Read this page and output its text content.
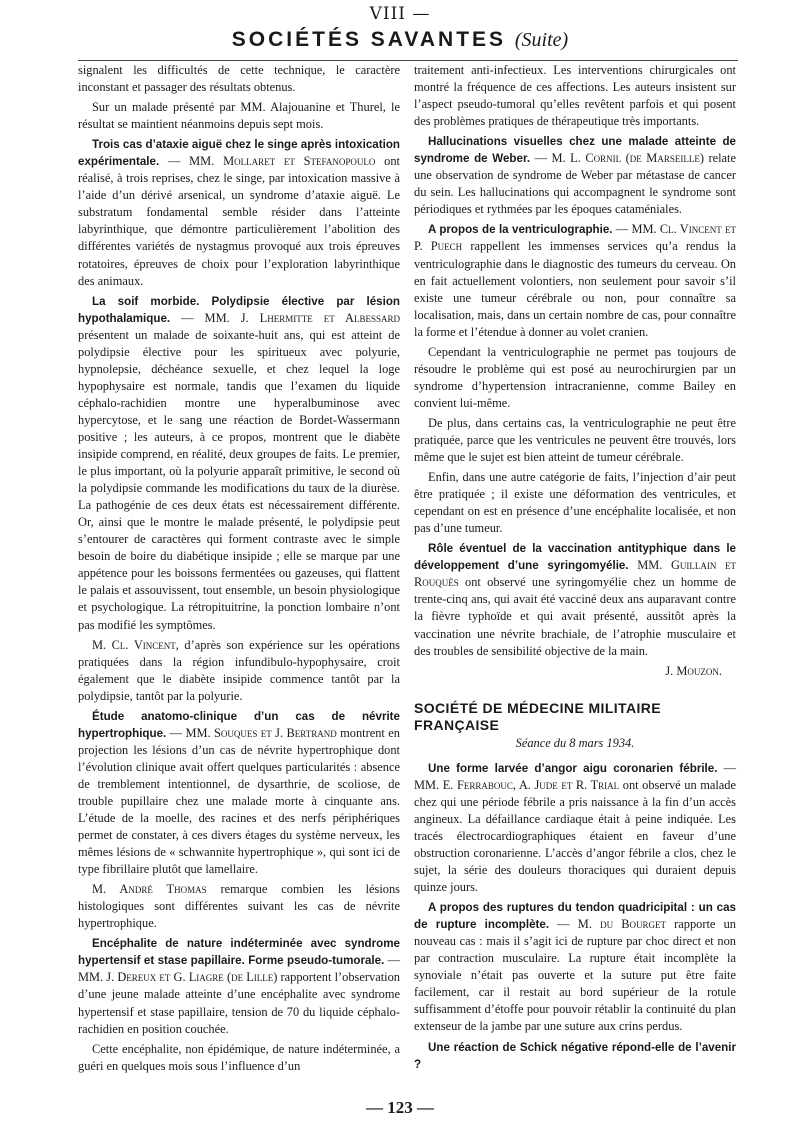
VIII —
SOCIÉTÉS SAVANTES (Suite)

signalent les difficultés de cette technique, le caractère inconstant et passager des résultats obtenus.

Sur un malade présenté par MM. Alajouanine et Thurel, le résultat se maintient néanmoins depuis sept mois.

Trois cas d’ataxie aiguë chez le singe après intoxication expérimentale. — MM. Mollaret et Stefanopoulo ont réalisé, à trois reprises, chez le singe, par intoxication massive à l’aide d’un dérivé arsenical, un syndrome d’ataxie aiguë. Le substratum fondamental semble résider dans l’atteinte labyrinthique, que démontre particulièrement l’abolition des différentes variétés de nystagmus provoqué aux trois épreuves rotatoires, épreuves de choix pour l’exploration labyrinthique des animaux.

La soif morbide. Polydipsie élective par lésion hypothalamique. — MM. J. Lhermitte et Albessard présentent un malade de soixante-huit ans, qui est atteint de polydipsie élective pour les spiritueux avec polyurie, hypnolepsie, déchéance sexuelle, et chez lequel la loge hypophysaire est normale, tandis que l’examen du liquide céphalo-rachidien montre une hyperalbuminose avec hypercytose, et le sang une réaction de Bordet-Wassermann positive ; les auteurs, à ce propos, montrent que le diabète insipide comprend, en réalité, deux groupes de faits. Le premier, le plus important, où la polyurie apparaît primitive, le second où la polydipsie commande les modifications du taux de la diurèse. La pathogénie de ces deux états est nécessairement différente. Or, ainsi que le montre le malade présenté, le polydipsie peut s’entourer de caractères qui forment contraste avec le simple besoin de boire du diabétique insipide ; elle se marque par une appétence pour les boissons fermentées ou gazeuses, qui flattent le palais et assouvissent, tout ensemble, un besoin physiologique et psychologique. La rétropituitrine, la ponction lombaire n’ont pas modifié les symptômes.

M. Cl. Vincent, d’après son expérience sur les opérations pratiquées dans la région infundibulo-hypophysaire, croit également que le diabète insipide commence tantôt par la polydipsie, tantôt par la polyurie.

Étude anatomo-clinique d’un cas de névrite hypertrophique. — MM. Souques et J. Bertrand montrent en projection les lésions d’un cas de névrite hypertrophique dont l’évolution clinique avait offert quelques particularités : absence de tremblement intentionnel, de dysarthrie, de scoliose, de trouble pupillaire chez une malade morte à cinquante ans. L’étude de la moelle, des racines et des nerfs périphériques permet de constater, à ces divers étages du système nerveux, les mêmes lésions de « schwannite hypertrophique », qui sont ici de type fibrillaire plutôt que lamellaire.

M. André Thomas remarque combien les lésions histologiques sont différentes suivant les cas de névrite hypertrophique.

Encéphalite de nature indéterminée avec syndrome hypertensif et stase papillaire. Forme pseudo-tumorale. — MM. J. Dereux et G. Liagre (de Lille) rapportent l’observation d’une jeune malade atteinte d’une encéphalite avec syndrome hypertensif et stase papillaire, tension de 70 du liquide céphalo-rachidien en position couchée.

Cette encéphalite, non épidémique, de nature indéterminée, a guéri en quelques mois sous l’influence d’un

traitement anti-infectieux. Les interventions chirurgicales ont montré la fréquence de ces affections. Les auteurs insistent sur l’aspect pseudo-tumoral qu’elles revêtent parfois et qui posent des problèmes pratiques de thérapeutique très importants.

Hallucinations visuelles chez une malade atteinte de syndrome de Weber. — M. L. Cornil (de Marseille) relate une observation de syndrome de Weber par métastase de cancer du sein. Les hallucinations qui accompagnent le syndrome sont périodiques et rythmées par les époques cataméniales.

A propos de la ventriculographie. — MM. Cl. Vincent et P. Puech rappellent les immenses services qu’a rendus la ventriculographie dans le diagnostic des tumeurs du cerveau. On en fait actuellement volontiers, non seulement pour savoir s’il existe une tumeur cérébrale ou non, pour connaître sa localisation, mais, dans un certain nombre de cas, pour connaître la forme et l’étendue à donner au volet cranien.

Cependant la ventriculographie ne permet pas toujours de résoudre le problème qui est posé au neurochirurgien par un syndrome d’hypertension intracranienne, comme Bailey en convient lui-même.

De plus, dans certains cas, la ventriculographie ne peut être pratiquée, parce que les ventricules ne peuvent être trouvés, lors même que le sujet est bien atteint de tumeur cérébrale.

Enfin, dans une autre catégorie de faits, l’injection d’air peut être pratiquée ; il existe une déformation des ventricules, et cependant on est en présence d’une encéphalite localisée, et non pas d’une tumeur.

Rôle éventuel de la vaccination antityphique dans le développement d’une syringomyélie. MM. Guillain et Rouquès ont observé une syringomyélie chez un homme de trente-cinq ans, qui avait été vacciné deux ans auparavant contre la fièvre typhoïde et qui avait présenté, aussitôt après la vaccination une névrite brachiale, de l’atrophie musculaire et des troubles de sensibilité objective de la main.

J. Mouzon.
SOCIÉTÉ DE MÉDECINE MILITAIRE FRANÇAISE
Séance du 8 mars 1934.

Une forme larvée d’angor aigu coronarien fébrile. — MM. E. Ferrabouc, A. Jude et R. Trial ont observé un malade chez qui une période fébrile a pris naissance à la fin d’un accès angineux. La défaillance cardiaque était à peine indiquée. Les tracés électrocardiographiques étaient en faveur d’une obstruction coronarienne. L’accès d’angor fébrile a clos, chez le sujet, la série des douleurs thoraciques qui duraient depuis quinze jours.

A propos des ruptures du tendon quadricipital : un cas de rupture incomplète. — M. du Bourget rapporte un nouveau cas : mais il s’agit ici de rupture par choc direct et non par contraction musculaire. La rupture était incomplète la synoviale n’était pas ouverte et la suture put être faite facilement, car il restait au bord supérieur de la rotule suffisamment d’étoffe pour pouvoir rétablir la continuité du plan extenseur de la jambe par une suture aux crins perdus.

Une réaction de Schick négative répond-elle de l’avenir ?

— 123 —
